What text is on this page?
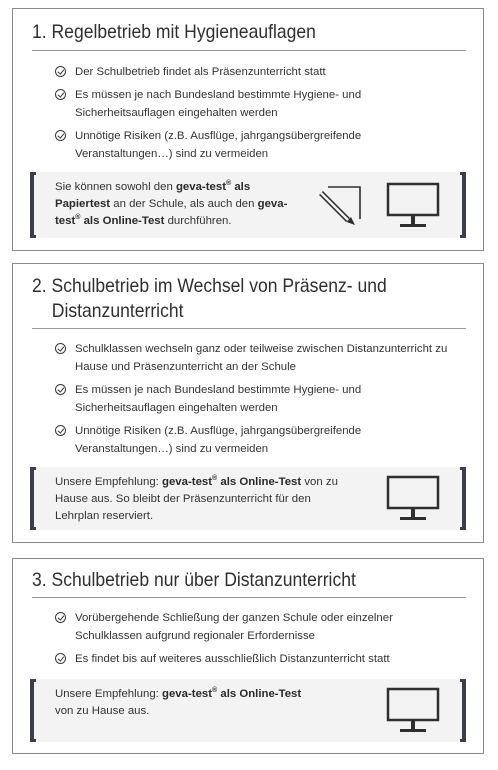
1. Regelbetrieb mit Hygieneauflagen
Der Schulbetrieb findet als Präsenzunterricht statt
Es müssen je nach Bundesland bestimmte Hygiene- und Sicherheitsauflagen eingehalten werden
Unnötige Risiken (z.B. Ausflüge, jahrgangsübergreifende Veranstaltungen…) sind zu vermeiden

Sie können sowohl den geva-test® als Papiertest an der Schule, als auch den geva-test® als Online-Test durchführen.

2. Schulbetrieb im Wechsel von Präsenz- und
Distanzunterricht
Schulklassen wechseln ganz oder teilweise zwischen Distanzunterricht zu Hause und Präsenzunterricht an der Schule
Es müssen je nach Bundesland bestimmte Hygiene- und Sicherheitsauflagen eingehalten werden
Unnötige Risiken (z.B. Ausflüge, jahrgangsübergreifende Veranstaltungen…) sind zu vermeiden

Unsere Empfehlung: geva-test® als Online-Test von zu Hause aus. So bleibt der Präsenzunterricht für den Lehrplan reserviert.

3. Schulbetrieb nur über Distanzunterricht
Vorübergehende Schließung der ganzen Schule oder einzelner Schulklassen aufgrund regionaler Erfordernisse
Es findet bis auf weiteres ausschließlich Distanzunterricht statt

Unsere Empfehlung: geva-test® als Online-Test
von zu Hause aus.
